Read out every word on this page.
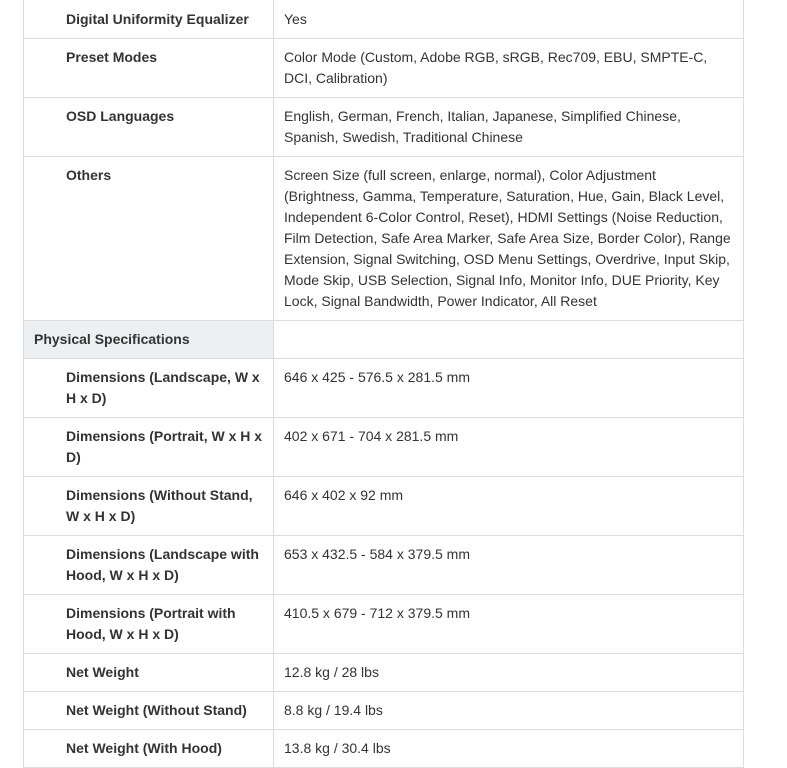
Digital Uniformity Equalizer	Yes
Preset Modes	Color Mode (Custom, Adobe RGB, sRGB, Rec709, EBU, SMPTE-C, DCI, Calibration)
OSD Languages	English, German, French, Italian, Japanese, Simplified Chinese, Spanish, Swedish, Traditional Chinese
Others	Screen Size (full screen, enlarge, normal), Color Adjustment (Brightness, Gamma, Temperature, Saturation, Hue, Gain, Black Level, Independent 6-Color Control, Reset), HDMI Settings (Noise Reduction, Film Detection, Safe Area Marker, Safe Area Size, Border Color), Range Extension, Signal Switching, OSD Menu Settings, Overdrive, Input Skip, Mode Skip, USB Selection, Signal Info, Monitor Info, DUE Priority, Key Lock, Signal Bandwidth, Power Indicator, All Reset
Physical Specifications	
Dimensions (Landscape, W x H x D)	646 x 425 - 576.5 x 281.5 mm
Dimensions (Portrait, W x H x D)	402 x 671 - 704 x 281.5 mm
Dimensions (Without Stand, W x H x D)	646 x 402 x 92 mm
Dimensions (Landscape with Hood, W x H x D)	653 x 432.5 - 584 x 379.5 mm
Dimensions (Portrait with Hood, W x H x D)	410.5 x 679 - 712 x 379.5 mm
Net Weight	12.8 kg / 28 lbs
Net Weight (Without Stand)	8.8 kg / 19.4 lbs
Net Weight (With Hood)	13.8 kg / 30.4 lbs
